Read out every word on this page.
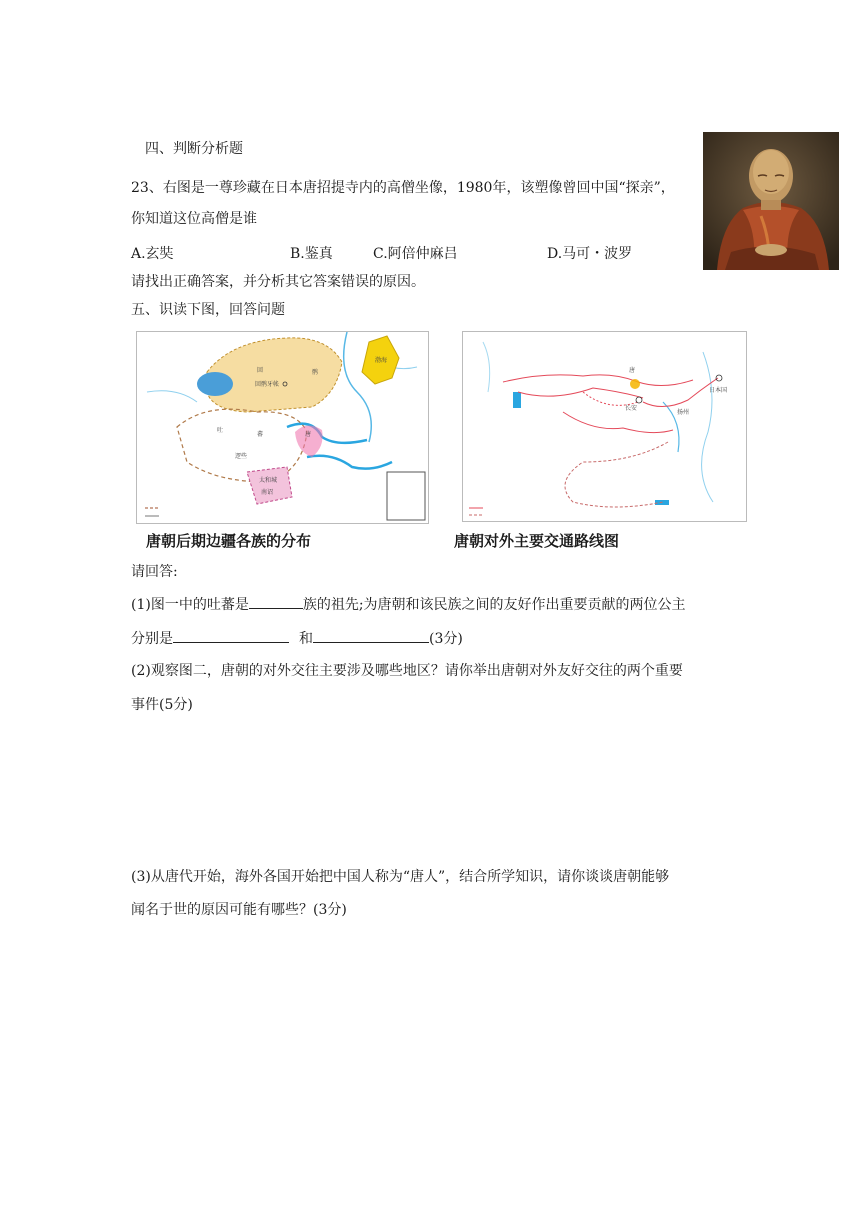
四、判断分析题
23、右图是一尊珍藏在日本唐招提寺内的高僧坐像，1980年，该塑像曾回中国“探亲”，
你知道这位高僧是谁
A.玄奘	B.鉴真	C.阿倍仲麻吕	D.马可・波罗
请找出正确答案，并分析其它答案错误的原因。
五、识读下图，回答问题
回	鹘
回鹘牙帐
渤海
唐
吐
蕃
逻些
太和城
南诏
唐朝后期边疆各族的分布
唐
长安
扬州
日本国
唐朝对外主要交通路线图
请回答:
(1)图一中的吐蕃是	族的祖先;为唐朝和该民族之间的友好作出重要贡献的两位公主
分别是	和	(3分)
(2)观察图二，唐朝的对外交往主要涉及哪些地区？请你举出唐朝对外友好交往的两个重要
事件(5分)
(3)从唐代开始，海外各国开始把中国人称为“唐人”，结合所学知识，请你谈谈唐朝能够
闻名于世的原因可能有哪些？(3分)
